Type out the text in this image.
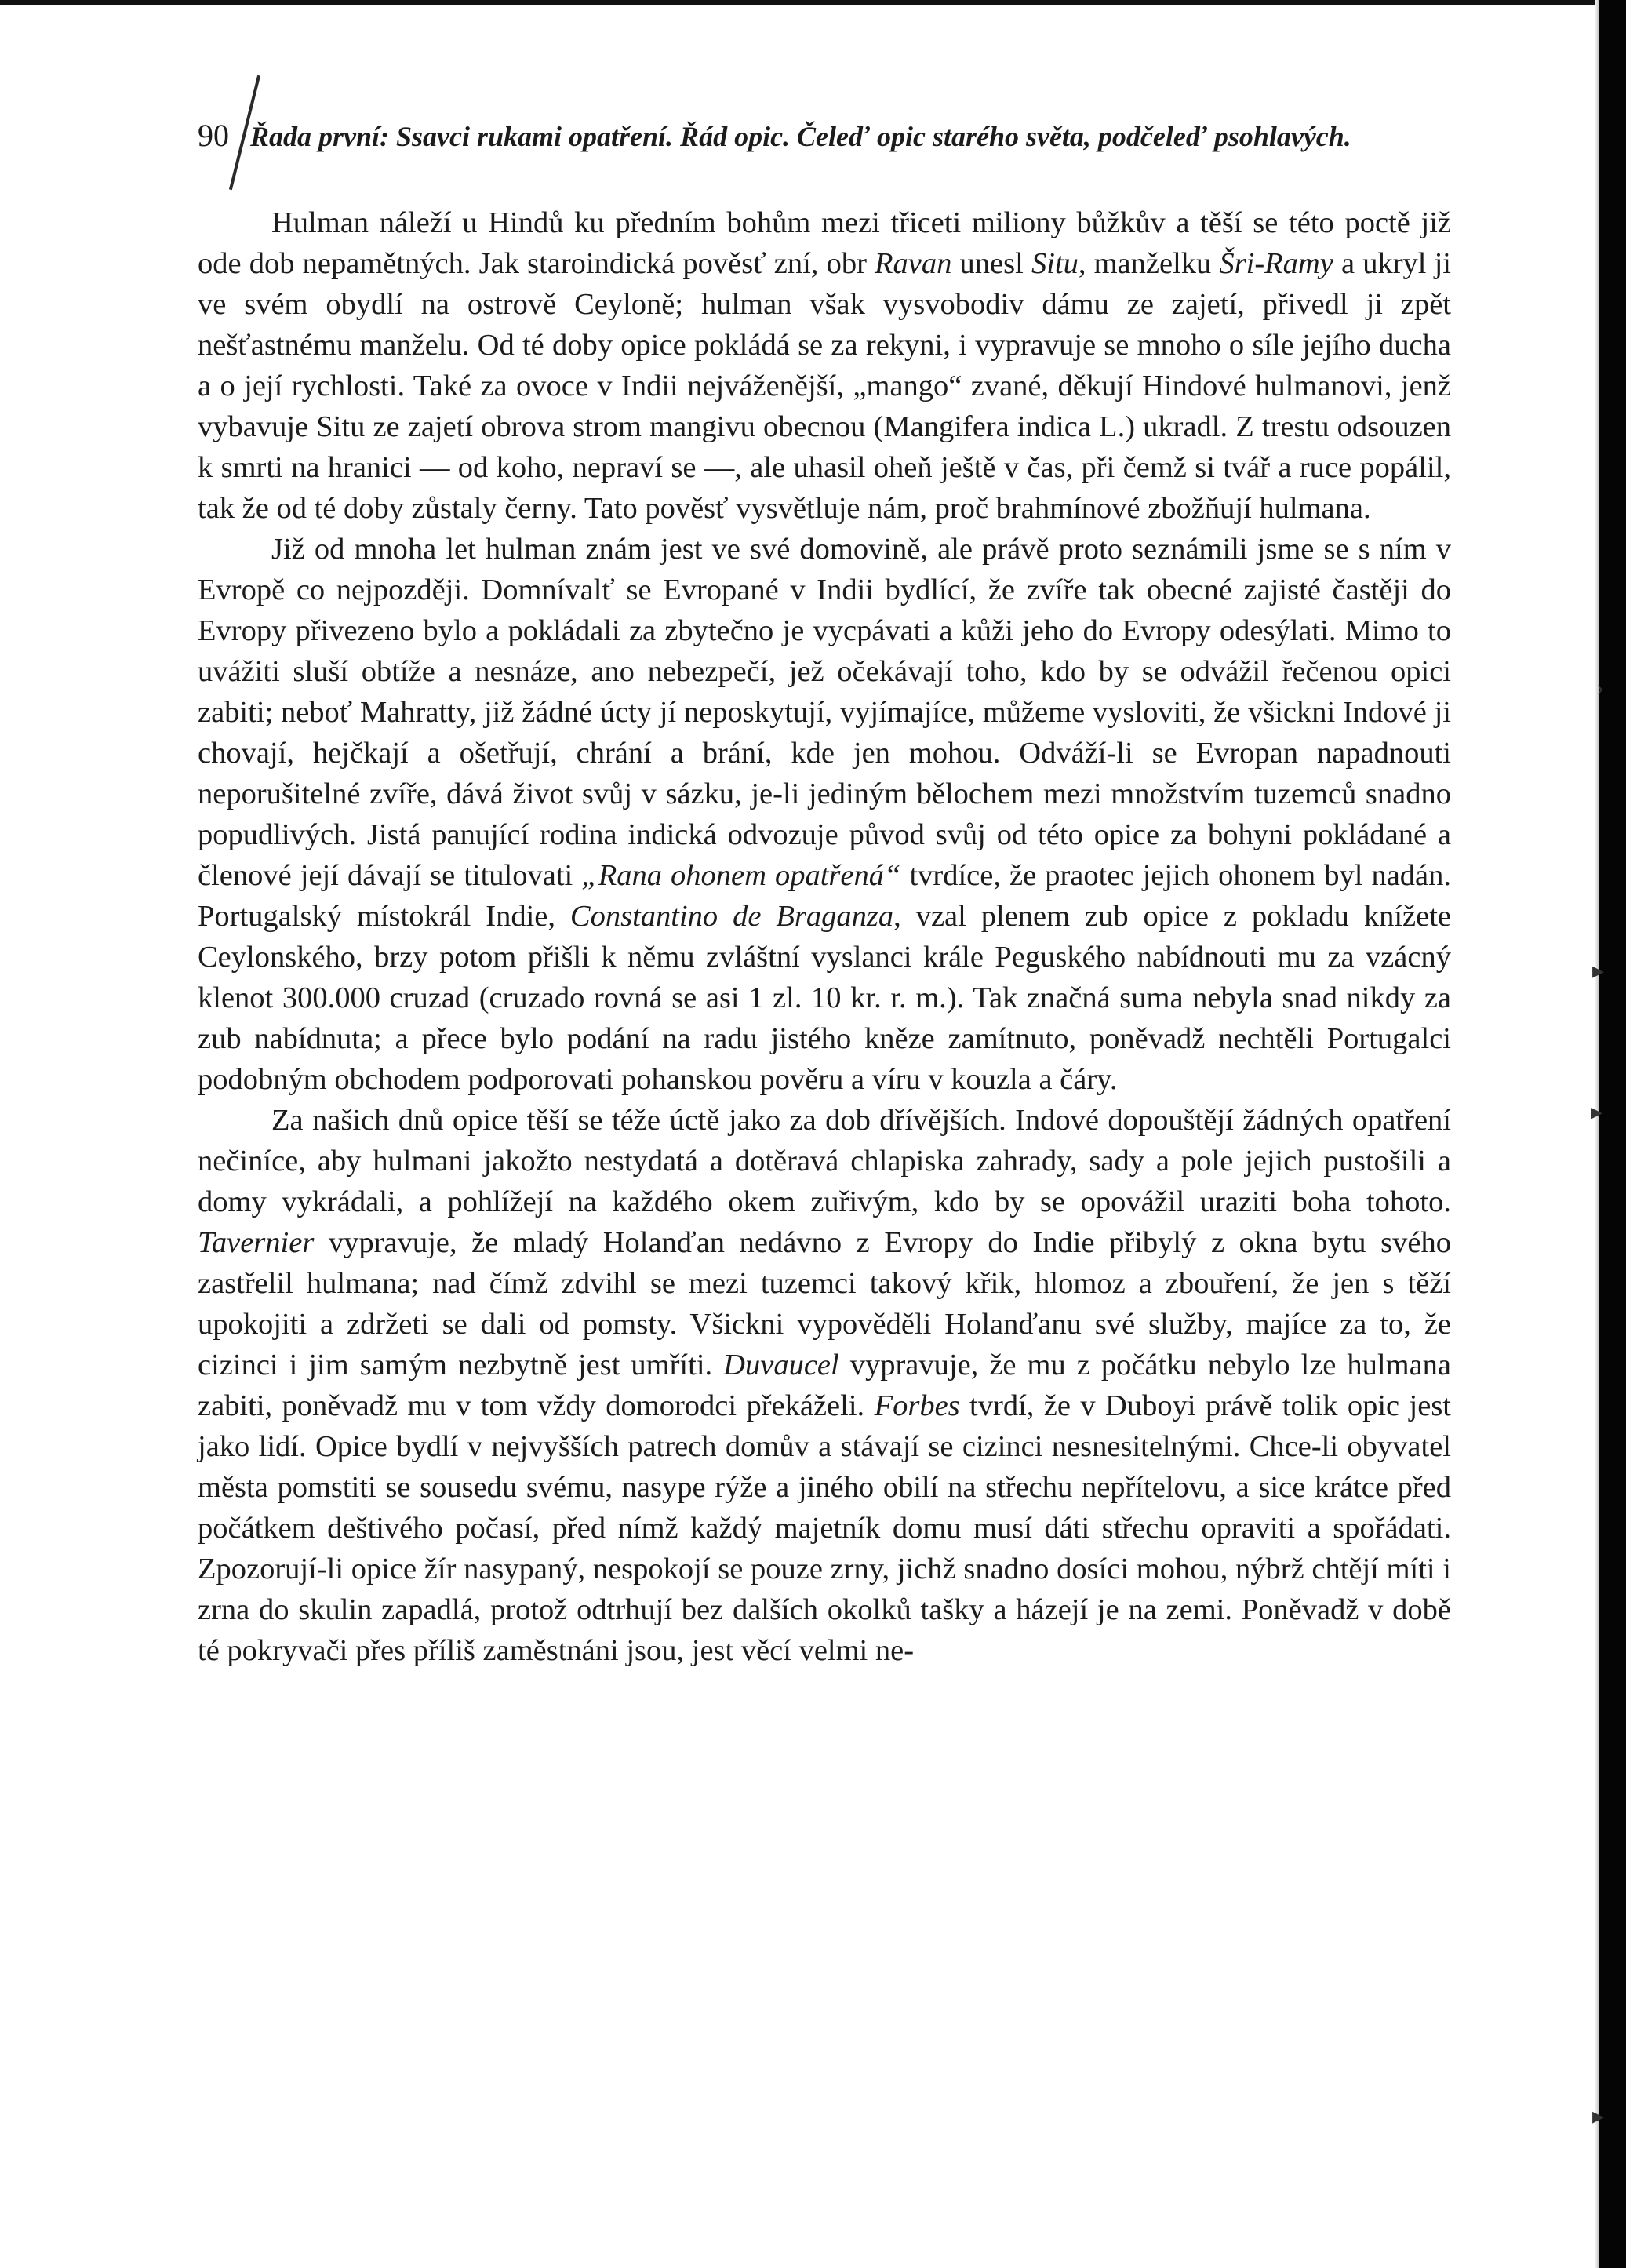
›
▸
▸
▸
90 Řada první: Ssavci rukami opatření. Řád opic. Čeleď opic starého světa, podčeleď psohlavých.

Hulman náleží u Hindů ku předním bohům mezi třiceti miliony bůžkův a těší se této poctě již ode dob nepamětných. Jak staroindická pověsť zní, obr Ravan unesl Situ, manželku Šri-Ramy a ukryl ji ve svém obydlí na ostrově Ceyloně; hulman však vysvobodiv dámu ze zajetí, přivedl ji zpět nešťastnému manželu. Od té doby opice pokládá se za rekyni, i vypravuje se mnoho o síle jejího ducha a o její rychlosti. Také za ovoce v Indii nejváženější, „mango“ zvané, děkují Hindové hulmanovi, jenž vybavuje Situ ze zajetí obrova strom mangivu obecnou (Mangifera indica L.) ukradl. Z trestu odsouzen k smrti na hranici — od koho, nepraví se —, ale uhasil oheň ještě v čas, při čemž si tvář a ruce popálil, tak že od té doby zůstaly černy. Tato pověsť vysvětluje nám, proč brahmínové zbožňují hulmana.

Již od mnoha let hulman znám jest ve své domovině, ale právě proto seznámili jsme se s ním v Evropě co nejpozději. Domnívalť se Evropané v Indii bydlící, že zvíře tak obecné zajisté častěji do Evropy přivezeno bylo a pokládali za zbytečno je vycpávati a kůži jeho do Evropy odesýlati. Mimo to uvážiti sluší obtíže a nesnáze, ano nebezpečí, jež očekávají toho, kdo by se odvážil řečenou opici zabiti; neboť Mahratty, již žádné úcty jí neposkytují, vyjímajíce, můžeme vysloviti, že všickni Indové ji chovají, hejčkají a ošetřují, chrání a brání, kde jen mohou. Odváží-li se Evropan napadnouti neporušitelné zvíře, dává život svůj v sázku, je-li jediným bělochem mezi množstvím tuzemců snadno popudlivých. Jistá panující rodina indická odvozuje původ svůj od této opice za bohyni pokládané a členové její dávají se titulovati „Rana ohonem opatřená“ tvrdíce, že praotec jejich ohonem byl nadán. Portugalský místokrál Indie, Constantino de Braganza, vzal plenem zub opice z pokladu knížete Ceylonského, brzy potom přišli k němu zvláštní vyslanci krále Peguského nabídnouti mu za vzácný klenot 300.000 cruzad (cruzado rovná se asi 1 zl. 10 kr. r. m.). Tak značná suma nebyla snad nikdy za zub nabídnuta; a přece bylo podání na radu jistého kněze zamítnuto, poněvadž nechtěli Portugalci podobným obchodem podporovati pohanskou pověru a víru v kouzla a čáry.

Za našich dnů opice těší se téže úctě jako za dob dřívějších. Indové dopouštějí žádných opatření nečiníce, aby hulmani jakožto nestydatá a dotěravá chlapiska zahrady, sady a pole jejich pustošili a domy vykrádali, a pohlížejí na každého okem zuřivým, kdo by se opovážil uraziti boha tohoto. Tavernier vypravuje, že mladý Holanďan nedávno z Evropy do Indie přibylý z okna bytu svého zastřelil hulmana; nad čímž zdvihl se mezi tuzemci takový křik, hlomoz a zbouření, že jen s těží upokojiti a zdržeti se dali od pomsty. Všickni vypověděli Holanďanu své služby, majíce za to, že cizinci i jim samým nezbytně jest umříti. Duvaucel vypravuje, že mu z počátku nebylo lze hulmana zabiti, poněvadž mu v tom vždy domorodci překáželi. Forbes tvrdí, že v Duboyi právě tolik opic jest jako lidí. Opice bydlí v nejvyšších patrech domův a stávají se cizinci nesnesitelnými. Chce-li obyvatel města pomstiti se sousedu svému, nasype rýže a jiného obilí na střechu nepřítelovu, a sice krátce před počátkem deštivého počasí, před nímž každý majetník domu musí dáti střechu opraviti a spořádati. Zpozorují-li opice žír nasypaný, nespokojí se pouze zrny, jichž snadno dosíci mohou, nýbrž chtějí míti i zrna do skulin zapadlá, protož odtrhují bez dalších okolků tašky a házejí je na zemi. Poněvadž v době té pokryvači přes příliš zaměstnáni jsou, jest věcí velmi ne-
